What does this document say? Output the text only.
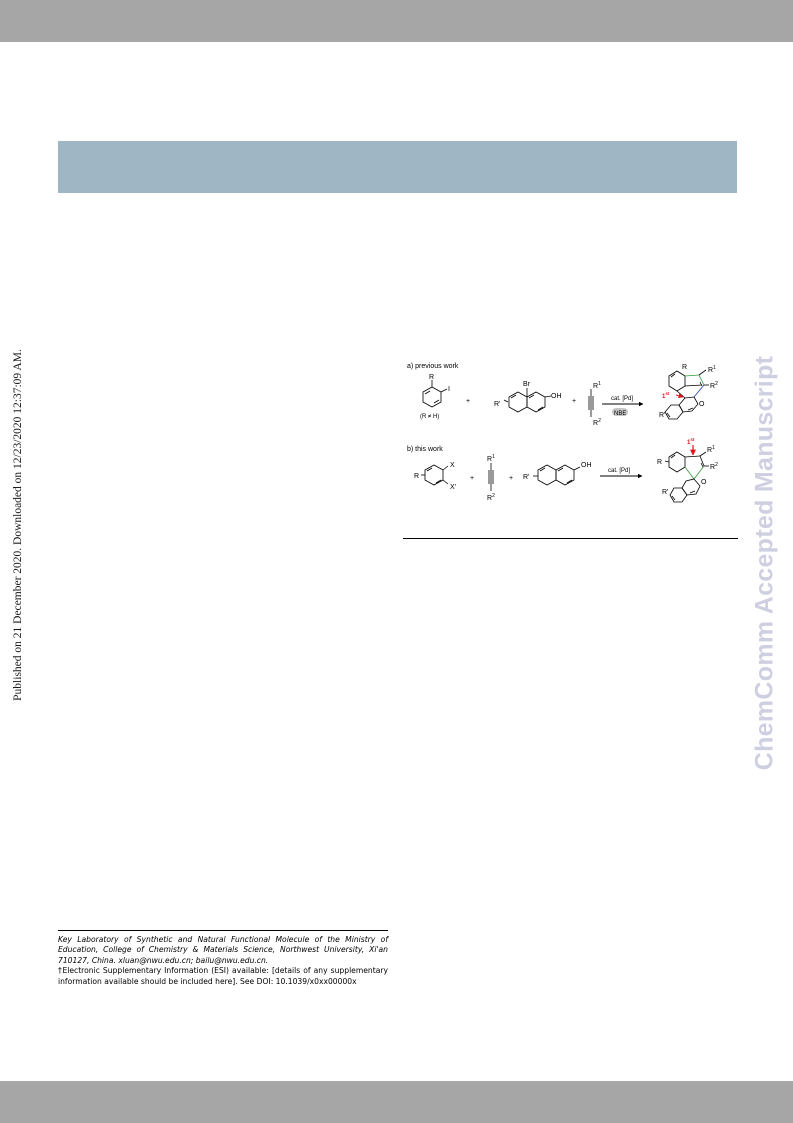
Published on 21 December 2020. Downloaded on 12/23/2020 12:37:09 AM.	ChemComm Accepted Manuscript
a) previous work
R
I
(R ≠ H)
+
Br
OH
R'	+
$R^1$
$R^2$
cat. [Pd]
NBE
1st
R	$R^1$
$R^2$
R'
O
b) this work
R
X
X'
+
$R^1$
$R^2$
+
OH
R'
cat. [Pd]
1st
R
$R^1$
$R^2$
R'
O

Key Laboratory of Synthetic and Natural Functional Molecule of the Ministry of Education, College of Chemistry & Materials Science, Northwest University, Xi'an 710127, China. xluan@nwu.edu.cn; bailu@nwu.edu.cn.

†Electronic Supplementary Information (ESI) available: [details of any supplementary information available should be included here]. See DOI: 10.1039/x0xx00000x
